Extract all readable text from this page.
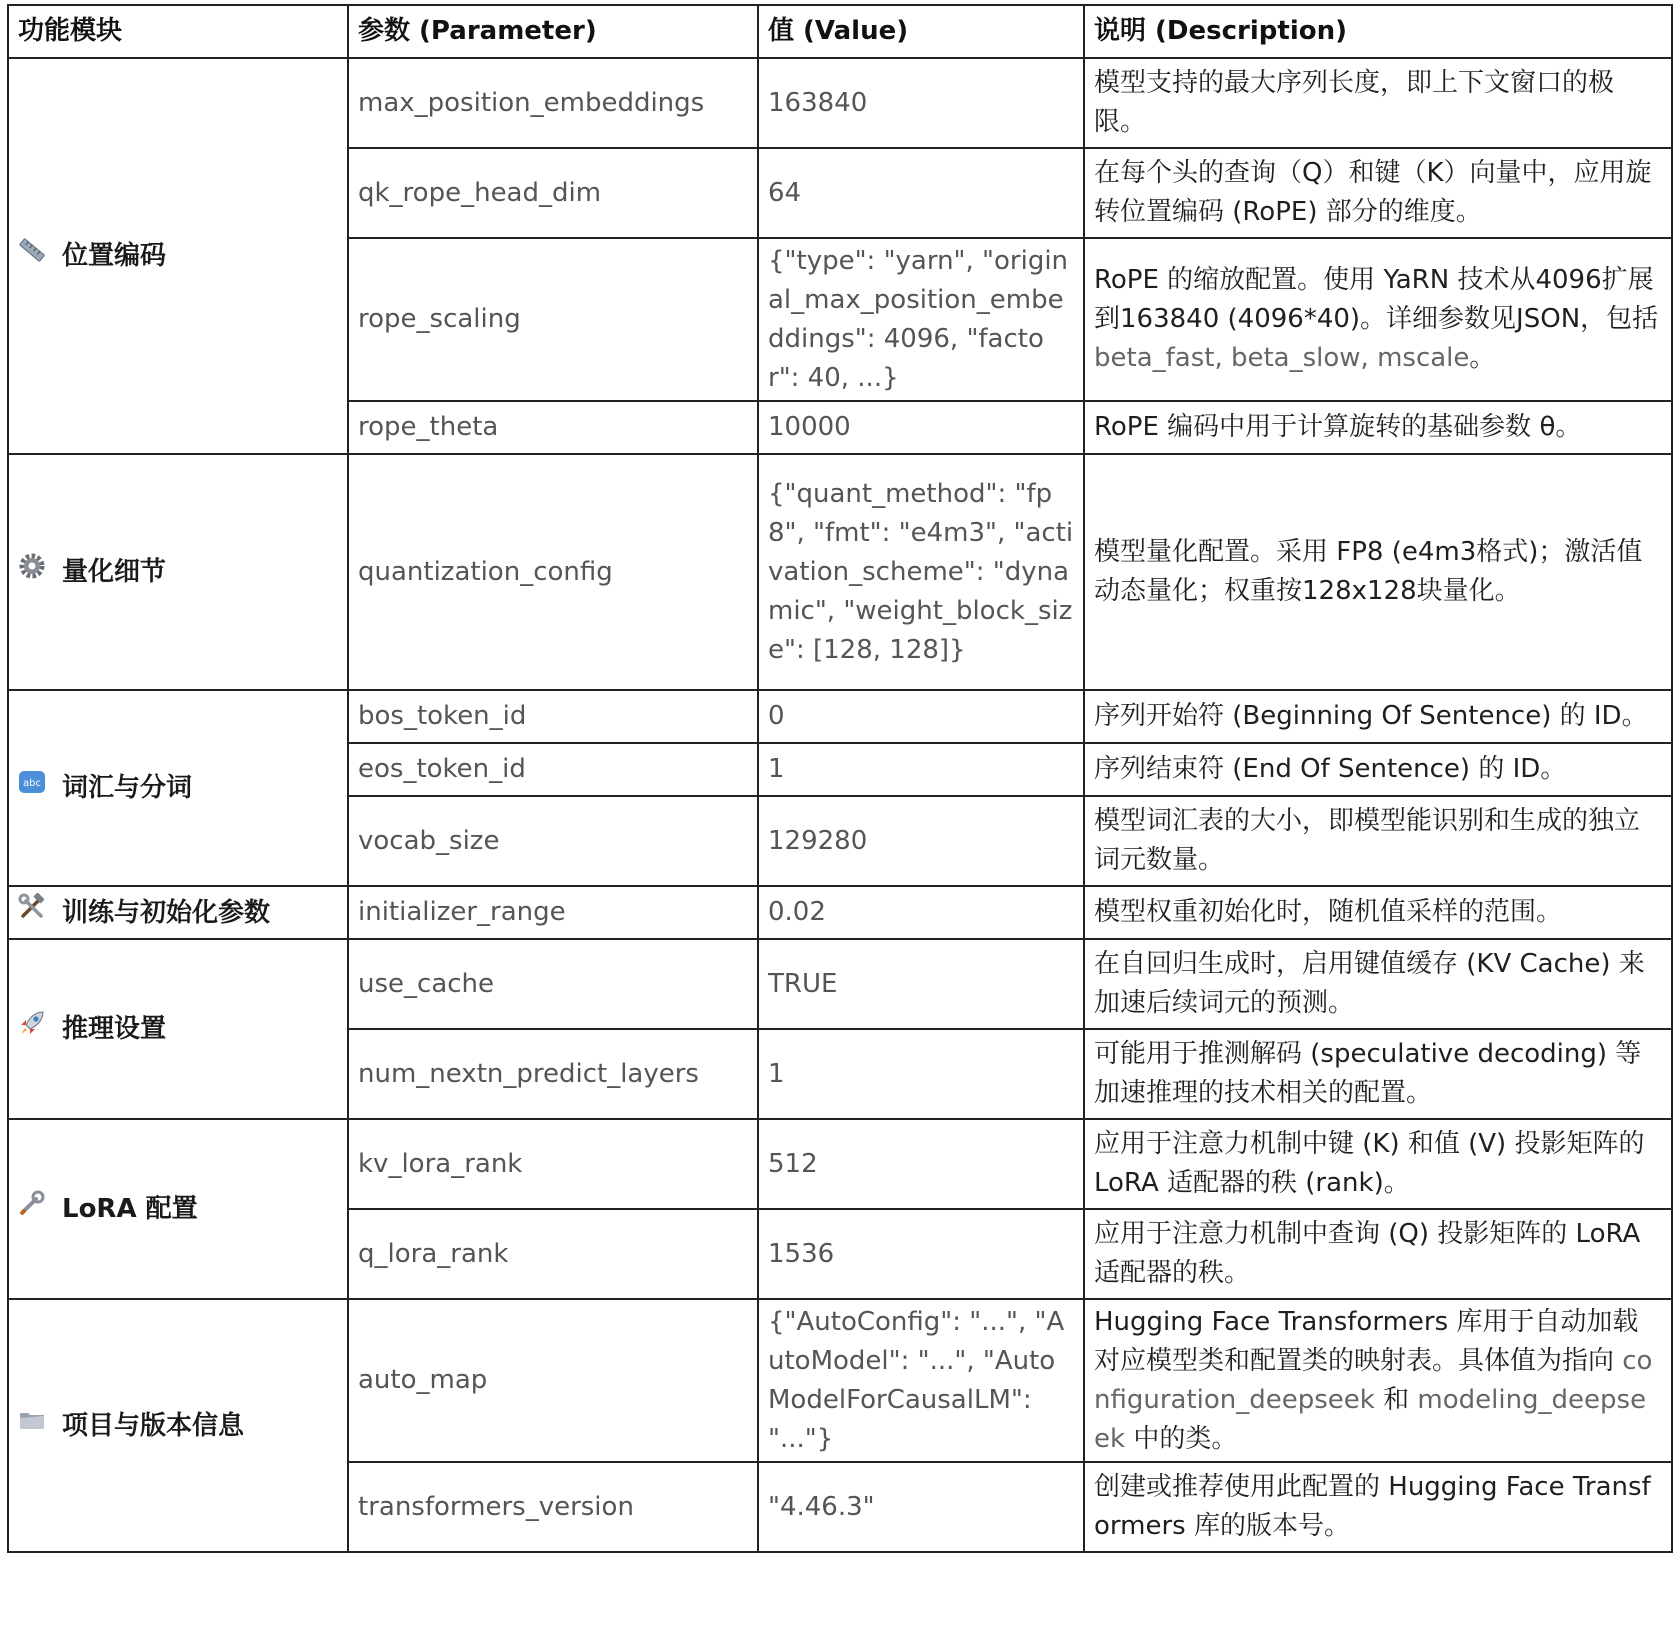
功能模块	参数 (Parameter)	值 (Value)	说明 (Description)
位置编码	max_position_embeddings	163840	模型支持的最大序列长度，即上下文窗口的极限。
	qk_rope_head_dim	64	在每个头的查询（Q）和键（K）向量中，应用旋转位置编码 (RoPE) 部分的维度。
	rope_scaling	{"type": "yarn", "original_max_position_embeddings": 4096, "factor": 40, ...}	RoPE 的缩放配置。使用 YaRN 技术从4096扩展到163840 (4096*40)。详细参数见JSON，包括beta_fast, beta_slow, mscale。
	rope_theta	10000	RoPE 编码中用于计算旋转的基础参数 θ。
量化细节	quantization_config	{"quant_method": "fp8", "fmt": "e4m3", "activation_scheme": "dynamic", "weight_block_size": [128, 128]}	模型量化配置。采用 FP8 (e4m3格式)；激活值动态量化；权重按128x128块量化。

abc 词汇与分词	bos_token_id	0	序列开始符 (Beginning Of Sentence) 的 ID。
	eos_token_id	1	序列结束符 (End Of Sentence) 的 ID。
	vocab_size	129280	模型词汇表的大小，即模型能识别和生成的独立词元数量。
训练与初始化参数	initializer_range	0.02	模型权重初始化时，随机值采样的范围。
推理设置	use_cache	TRUE	在自回归生成时，启用键值缓存 (KV Cache) 来加速后续词元的预测。
	num_nextn_predict_layers	1	可能用于推测解码 (speculative decoding) 等加速推理的技术相关的配置。
LoRA 配置	kv_lora_rank	512	应用于注意力机制中键 (K) 和值 (V) 投影矩阵的 LoRA 适配器的秩 (rank)。
	q_lora_rank	1536	应用于注意力机制中查询 (Q) 投影矩阵的 LoRA 适配器的秩。
项目与版本信息	auto_map	{"AutoConfig": "...", "AutoModel": "...", "AutoModelForCausalLM": "..."}	Hugging Face Transformers 库用于自动加载对应模型类和配置类的映射表。具体值为指向 configuration_deepseek 和 modeling_deepseek 中的类。
	transformers_version	"4.46.3"	创建或推荐使用此配置的 Hugging Face Transformers 库的版本号。
